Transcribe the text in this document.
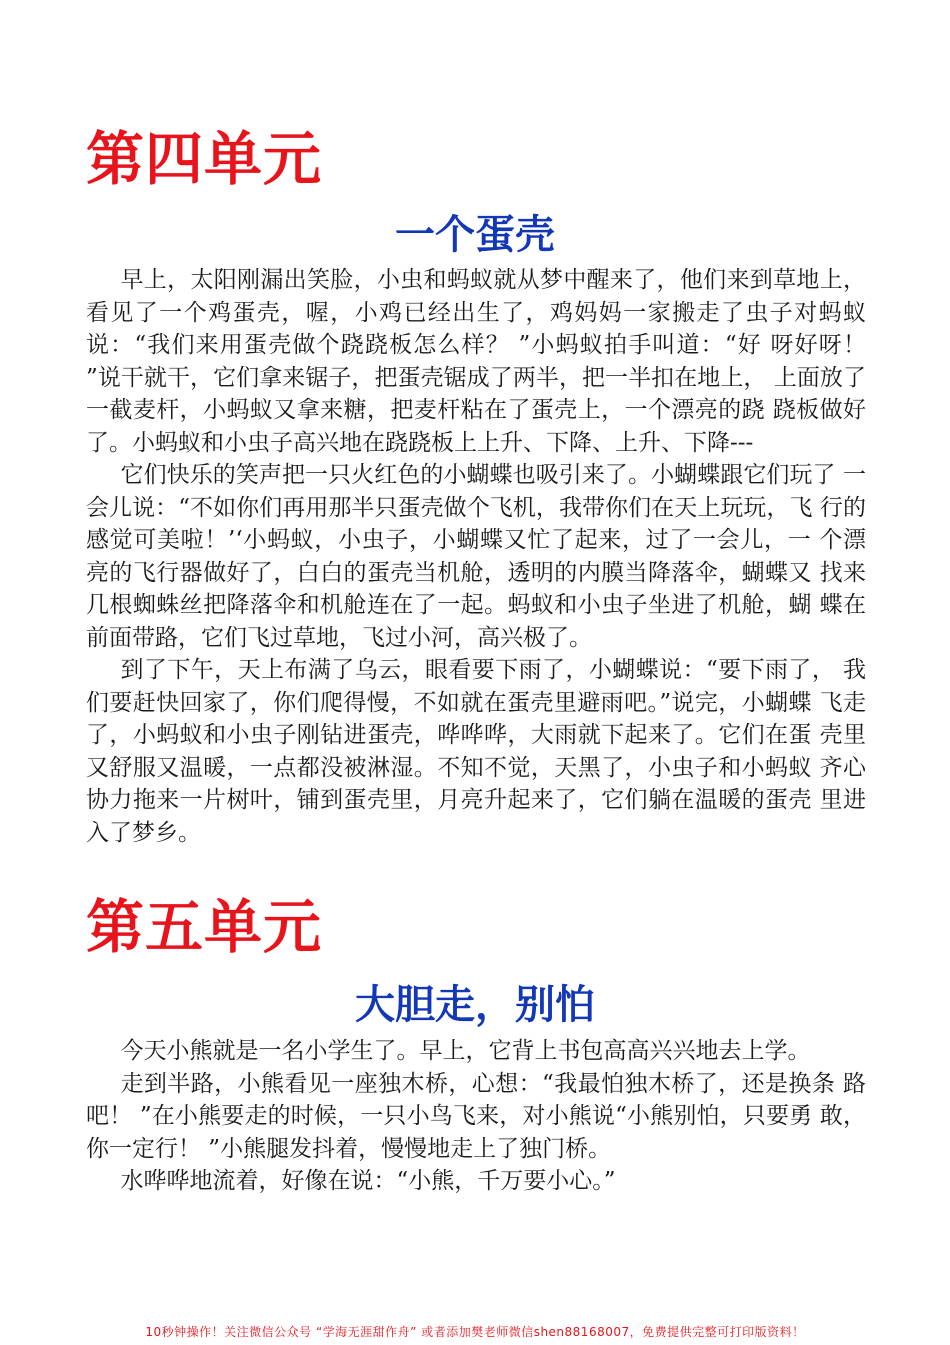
第四单元
一个蛋壳

早上，太阳刚漏出笑脸，小虫和蚂蚁就从梦中醒来了，他们来到草地上，看见了一个鸡蛋壳，喔，小鸡已经出生了，鸡妈妈一家搬走了虫子对蚂蚁说：“我们来用蛋壳做个跷跷板怎么样？ ”小蚂蚁拍手叫道：“好 呀好呀！ ”说干就干，它们拿来锯子，把蛋壳锯成了两半，把一半扣在地上， 上面放了一截麦杆，小蚂蚁又拿来糖，把麦杆粘在了蛋壳上，一个漂亮的跷 跷板做好了。小蚂蚁和小虫子高兴地在跷跷板上上升、下降、上升、下降---

它们快乐的笑声把一只火红色的小蝴蝶也吸引来了。小蝴蝶跟它们玩了 一会儿说：“不如你们再用那半只蛋壳做个飞机，我带你们在天上玩玩，飞 行的感觉可美啦！’‘小蚂蚁，小虫子，小蝴蝶又忙了起来，过了一会儿，一 个漂亮的飞行器做好了，白白的蛋壳当机舱，透明的内膜当降落伞，蝴蝶又 找来几根蜘蛛丝把降落伞和机舱连在了一起。蚂蚁和小虫子坐进了机舱，蝴 蝶在前面带路，它们飞过草地，飞过小河，高兴极了。

到了下午，天上布满了乌云，眼看要下雨了，小蝴蝶说：“要下雨了， 我们要赶快回家了，你们爬得慢，不如就在蛋壳里避雨吧。”说完，小蝴蝶 飞走了，小蚂蚁和小虫子刚钻进蛋壳，哗哗哗，大雨就下起来了。它们在蛋 壳里又舒服又温暖，一点都没被淋湿。不知不觉，天黑了，小虫子和小蚂蚁 齐心协力拖来一片树叶，铺到蛋壳里，月亮升起来了，它们躺在温暖的蛋壳 里进入了梦乡。

第五单元
大胆走，别怕

今天小熊就是一名小学生了。早上，它背上书包高高兴兴地去上学。

走到半路，小熊看见一座独木桥，心想：“我最怕独木桥了，还是换条 路吧！ ”在小熊要走的时候，一只小鸟飞来，对小熊说“小熊别怕，只要勇 敢，你一定行！ ”小熊腿发抖着，慢慢地走上了独门桥。

水哗哗地流着，好像在说：“小熊，千万要小心。”

10秒钟操作！关注微信公众号 “学海无涯甜作舟” 或者添加樊老师微信shen88168007，免费提供完整可打印版资料！
